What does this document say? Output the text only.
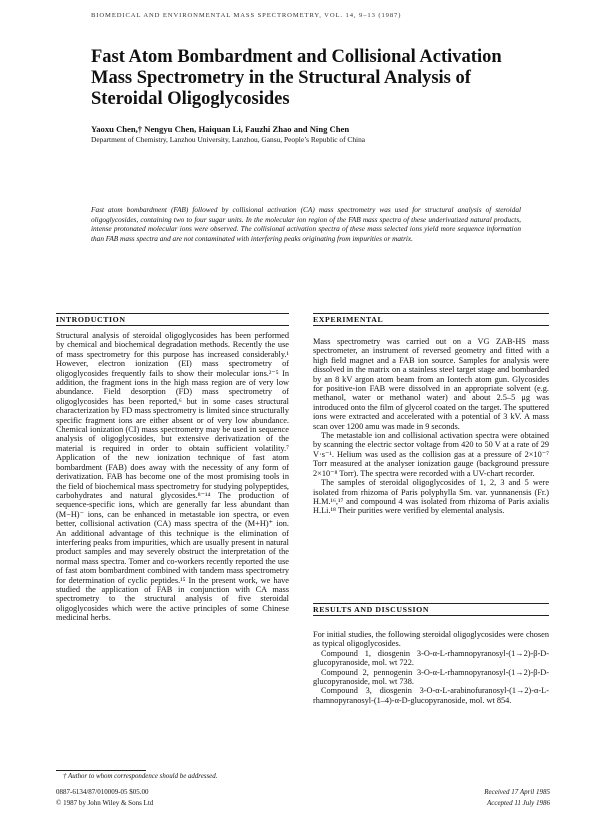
BIOMEDICAL AND ENVIRONMENTAL MASS SPECTROMETRY, VOL. 14, 9–13 (1987)
Fast Atom Bombardment and Collisional Activation Mass Spectrometry in the Structural Analysis of Steroidal Oligoglycosides
Yaoxu Chen,† Nengyu Chen, Haiquan Li, Fauzhi Zhao and Ning Chen
Department of Chemistry, Lanzhou University, Lanzhou, Gansu, People’s Republic of China
Fast atom bombardment (FAB) followed by collisional activation (CA) mass spectrometry was used for structural analysis of steroidal oligoglycosides, containing two to four sugar units. In the molecular ion region of the FAB mass spectra of these underivatized natural products, intense protonated molecular ions were observed. The collisional activation spectra of these mass selected ions yield more sequence information than FAB mass spectra and are not contaminated with interfering peaks originating from impurities or matrix.
INTRODUCTION

Structural analysis of steroidal oligoglycosides has been performed by chemical and biochemical degradation methods. Recently the use of mass spectrometry for this purpose has increased considerably.¹ However, electron ionization (EI) mass spectrometry of oligoglycosides frequently fails to show their molecular ions.²⁻⁵ In addition, the fragment ions in the high mass region are of very low abundance. Field desorption (FD) mass spectrometry of oligoglycosides has been reported,⁶ but in some cases structural characterization by FD mass spectrometry is limited since structurally specific fragment ions are either absent or of very low abundance. Chemical ionization (CI) mass spectrometry may be used in sequence analysis of oligoglycosides, but extensive derivatization of the material is required in order to obtain sufficient volatility.⁷ Application of the new ionization technique of fast atom bombardment (FAB) does away with the necessity of any form of derivatization. FAB has become one of the most promising tools in the field of biochemical mass spectrometry for studying polypeptides, carbohydrates and natural glycosides.⁸⁻¹⁴ The production of sequence-specific ions, which are generally far less abundant than (M−H)⁻ ions, can be enhanced in metastable ion spectra, or even better, collisional activation (CA) mass spectra of the (M+H)⁺ ion. An additional advantage of this technique is the elimination of interfering peaks from impurities, which are usually present in natural product samples and may severely obstruct the interpretation of the normal mass spectra. Tomer and co-workers recently reported the use of fast atom bombardment combined with tandem mass spectrometry for determination of cyclic peptides.¹⁵ In the present work, we have studied the application of FAB in conjunction with CA mass spectrometry to the structural analysis of five steroidal oligoglycosides which were the active principles of some Chinese medicinal herbs.

EXPERIMENTAL

Mass spectrometry was carried out on a VG ZAB-HS mass spectrometer, an instrument of reversed geometry and fitted with a high field magnet and a FAB ion source. Samples for analysis were dissolved in the matrix on a stainless steel target stage and bombarded by an 8 kV argon atom beam from an Iontech atom gun. Glycosides for positive-ion FAB were dissolved in an appropriate solvent (e.g. methanol, water or methanol water) and about 2.5–5 μg was introduced onto the film of glycerol coated on the target. The sputtered ions were extracted and accelerated with a potential of 3 kV. A mass scan over 1200 amu was made in 9 seconds.

The metastable ion and collisional activation spectra were obtained by scanning the electric sector voltage from 420 to 50 V at a rate of 29 V·s⁻¹. Helium was used as the collision gas at a pressure of 2×10⁻⁷ Torr measured at the analyser ionization gauge (background pressure 2×10⁻⁸ Torr). The spectra were recorded with a UV-chart recorder.

The samples of steroidal oligoglycosides of 1, 2, 3 and 5 were isolated from rhizoma of Paris polyphylla Sm. var. yunnanensis (Fr.) H.M.¹⁶,¹⁷ and compound 4 was isolated from rhizoma of Paris axialis H.Li.¹⁸ Their purities were verified by elemental analysis.

RESULTS AND DISCUSSION

For initial studies, the following steroidal oligoglycosides were chosen as typical oligoglycosides.

Compound 1, diosgenin 3-O-α-L-rhamnopyranosyl-(1→2)-β-D-glucopyranoside, mol. wt 722.

Compound 2, pennogenin 3-O-α-L-rhamnopyranosyl-(1→2)-β-D-glucopyranoside, mol. wt 738.

Compound 3, diosgenin 3-O-α-L-arabinofuranosyl-(1→2)-α-L-rhamnopyranosyl-(1–4)-α-D-glucopyranoside, mol. wt 854.

† Author to whom correspondence should be addressed.
0887-6134/87/010009-05 $05.00
© 1987 by John Wiley & Sons Ltd
Received 17 April 1985
Accepted 11 July 1986
